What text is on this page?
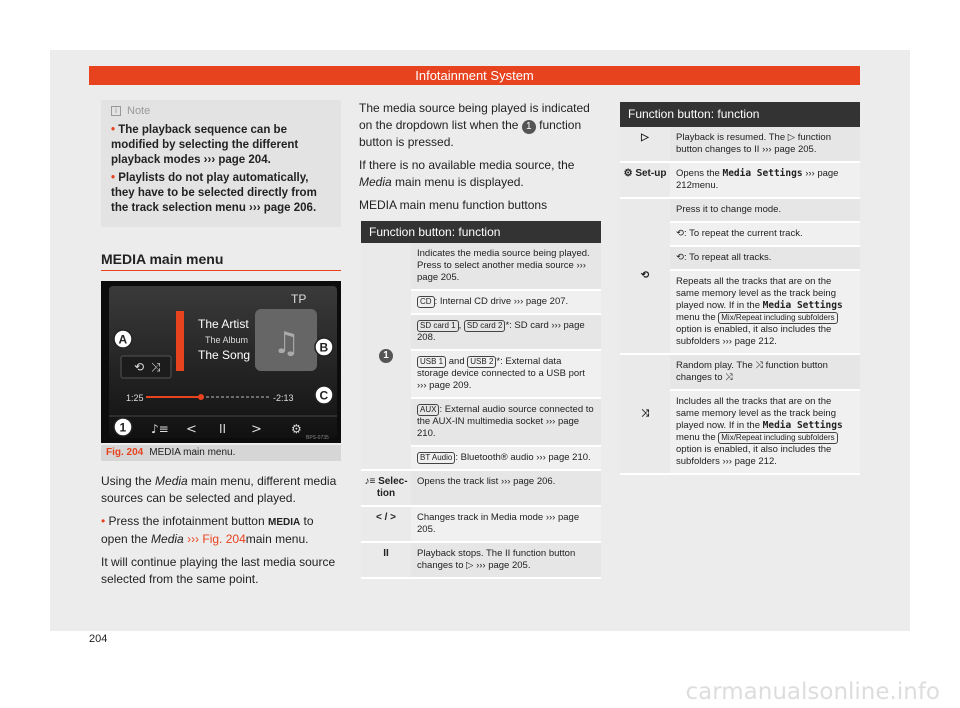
Infotainment System
i Note
• The playback sequence can be modified by selecting the different playback modes ››› page 204.
• Playlists do not play automatically, they have to be selected directly from the track selection menu ››› page 206.
MEDIA main menu
⟲ ⤨
♫
♪≡ < II > ⚙
TP
The Artist
The Album
The Song
1:25	-2:13
BPS-0735
A
B
C
1
Fig. 204 MEDIA main menu.

Using the Media main menu, different media sources can be selected and played.

• Press the infotainment button MEDIA to open the Media ››› Fig. 204main menu.

It will continue playing the last media source selected from the same point.

The media source being played is indicated on the dropdown list when the 1 function button is pressed.

If there is no available media source, the Media main menu is displayed.

MEDIA main menu function buttons

Function button: function
1	Indicates the media source being played. Press to select another media source ››› page 205.
	CD : Internal CD drive ››› page 207.
	SD card 1 , SD card 2 *: SD card ››› page 208.
	USB 1 and USB 2 *: External data storage device connected to a USB port ››› page 209.
	AUX : External audio source connected to the AUX-IN multimedia socket ››› page 210.
	BT Audio : Bluetooth® audio ››› page 210.
♪≡ Selec-tion	Opens the track list ››› page 206.
< / >	Changes track in Media mode ››› page 205.
II	Playback stops. The II function button changes to ▷ ››› page 205.
Function button: function
▷	Playback is resumed. The ▷ function button changes to II ››› page 205.
⚙ Set-up	Opens the Media Settings ››› page 212menu.
⟲	Press it to change mode.
	⟲: To repeat the current track.
	⟲: To repeat all tracks.
	Repeats all the tracks that are on the same memory level as the track being played now. If in the Media Settings menu the Mix/Repeat including subfolders option is enabled, it also includes the subfolders ››› page 212.
⤨	Random play. The ⤨ function button changes to ⤨
	Includes all the tracks that are on the same memory level as the track being played now. If in the Media Settings menu the Mix/Repeat including subfolders option is enabled, it also includes the subfolders ››› page 212.
204
carmanualsonline.info
